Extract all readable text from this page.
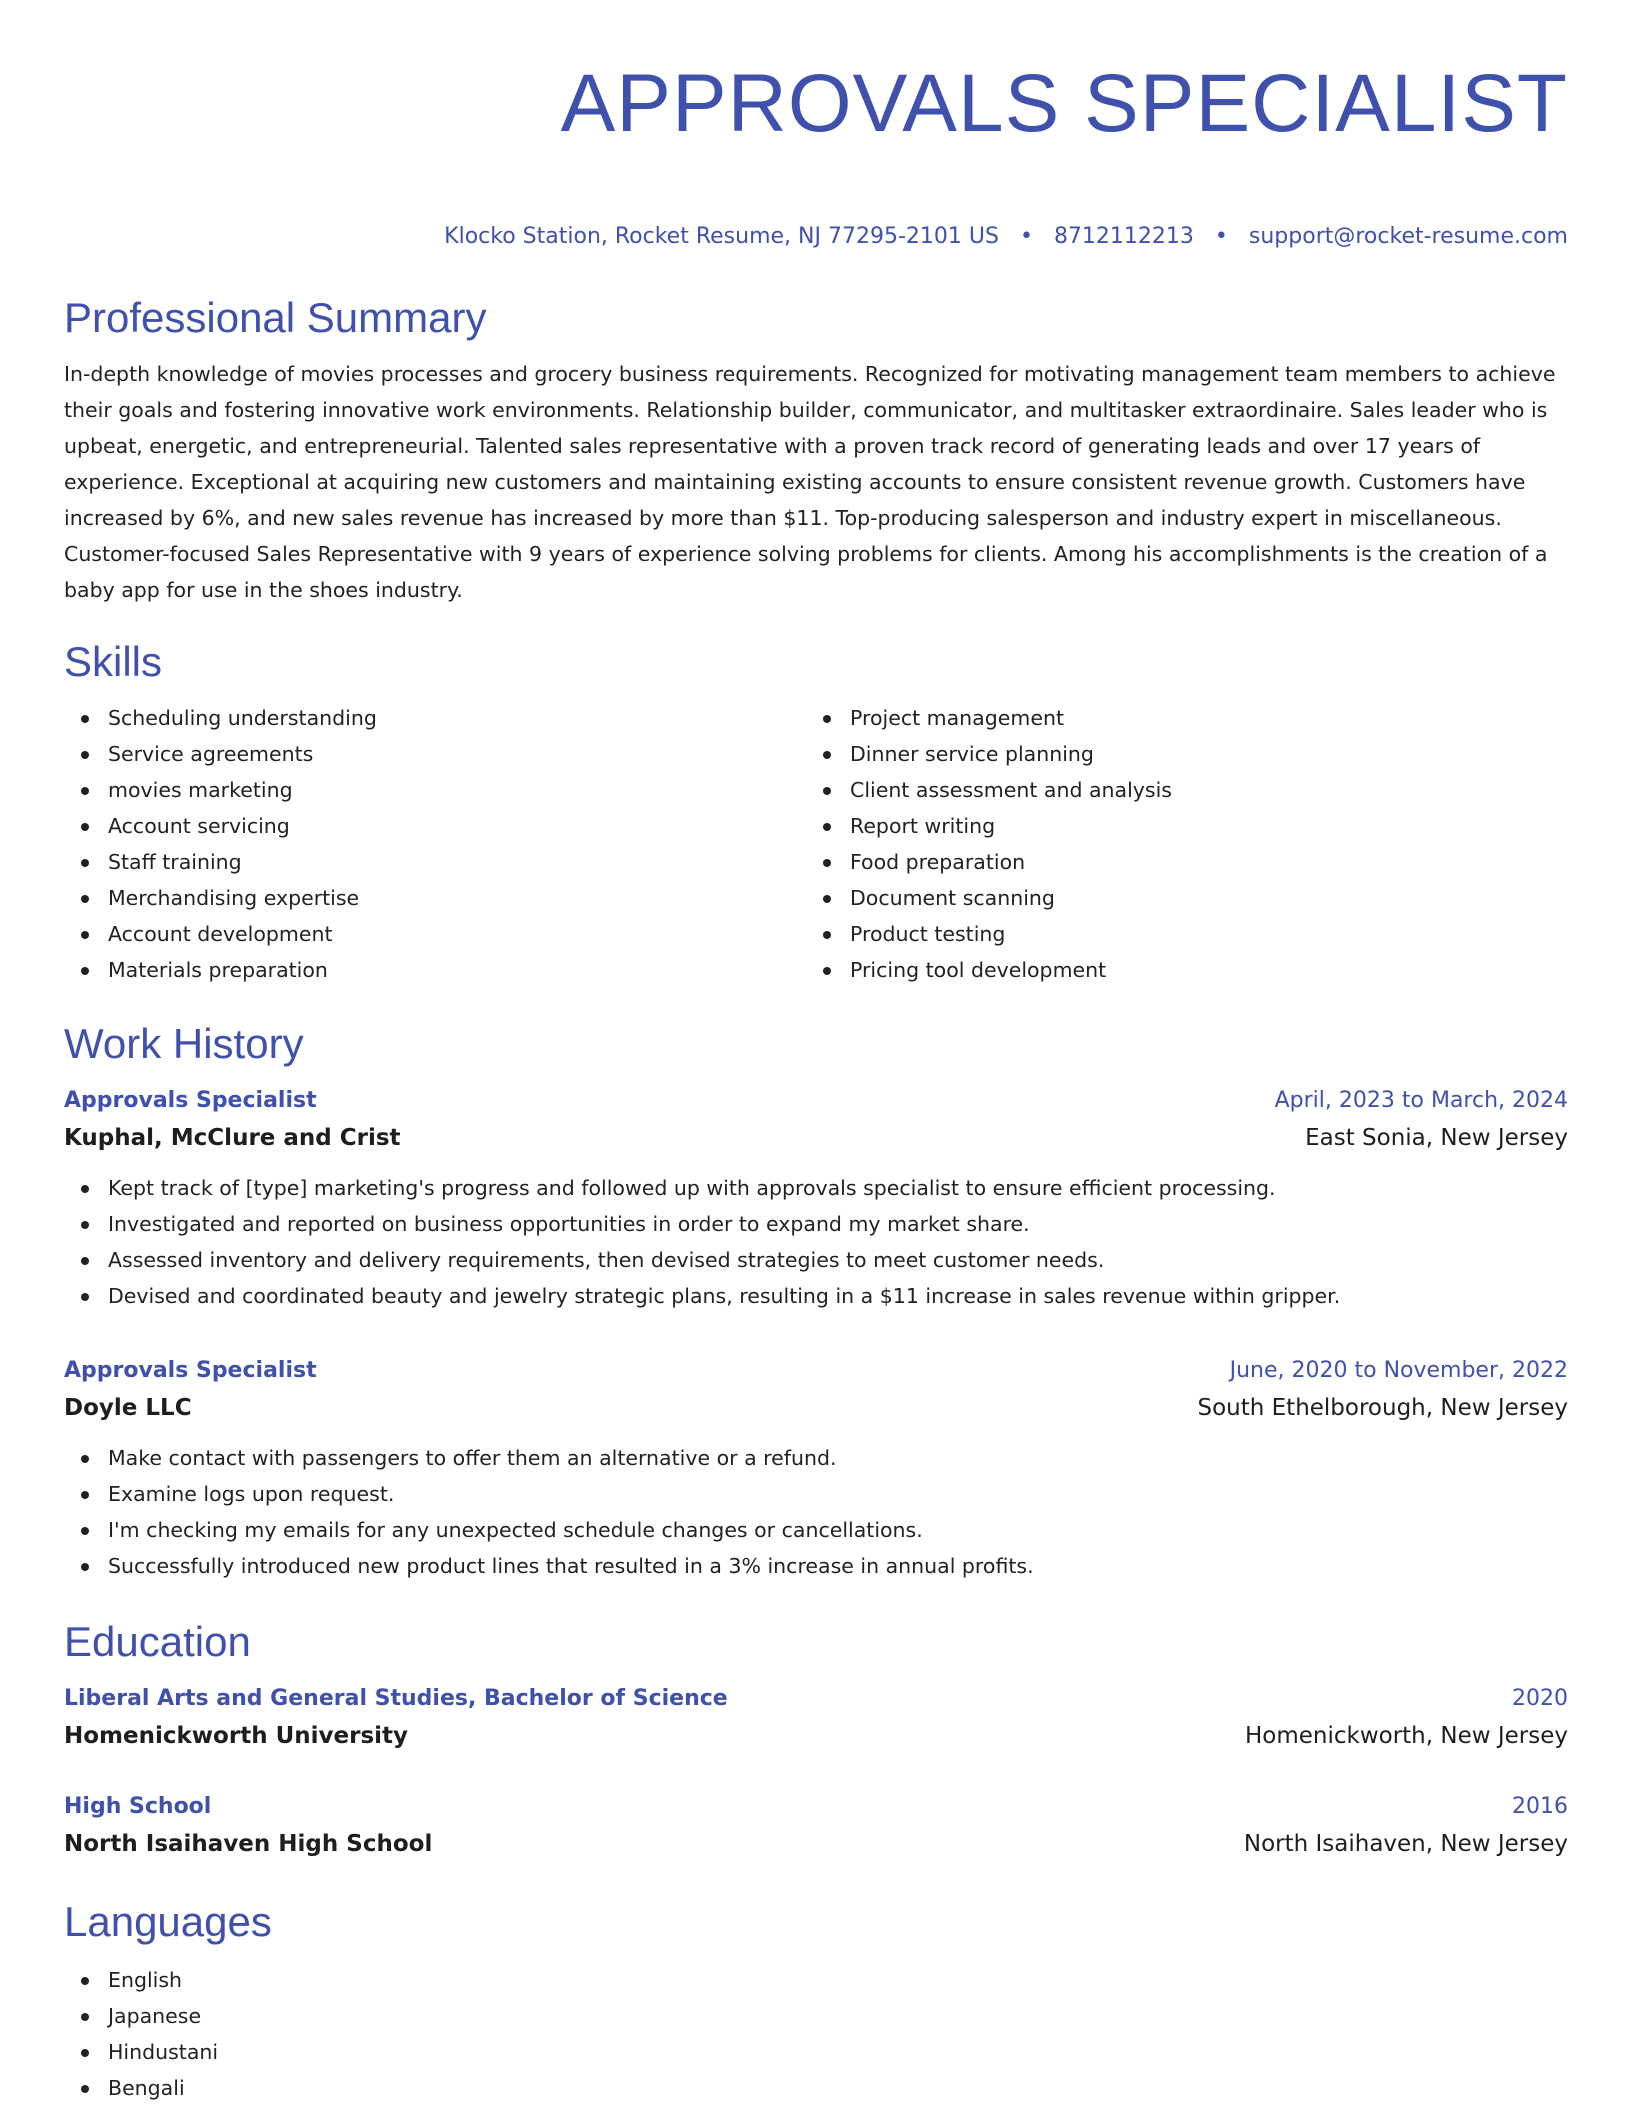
APPROVALS SPECIALIST
Klocko Station, Rocket Resume, NJ 77295-2101 US • 8712112213 • support@rocket-resume.com
Professional Summary

In-depth knowledge of movies processes and grocery business requirements. Recognized for motivating management team members to achieve their goals and fostering innovative work environments. Relationship builder, communicator, and multitasker extraordinaire. Sales leader who is upbeat, energetic, and entrepreneurial. Talented sales representative with a proven track record of generating leads and over 17 years of experience. Exceptional at acquiring new customers and maintaining existing accounts to ensure consistent revenue growth. Customers have increased by 6%, and new sales revenue has increased by more than $11. Top-producing salesperson and industry expert in miscellaneous. Customer-focused Sales Representative with 9 years of experience solving problems for clients. Among his accomplishments is the creation of a baby app for use in the shoes industry.

Skills
Scheduling understanding
Service agreements
movies marketing
Account servicing
Staff training
Merchandising expertise
Account development
Materials preparation
Project management
Dinner service planning
Client assessment and analysis
Report writing
Food preparation
Document scanning
Product testing
Pricing tool development
Work History
Approvals Specialist	April, 2023 to March, 2024
Kuphal, McClure and Crist	East Sonia, New Jersey
Kept track of [type] marketing's progress and followed up with approvals specialist to ensure efficient processing.
Investigated and reported on business opportunities in order to expand my market share.
Assessed inventory and delivery requirements, then devised strategies to meet customer needs.
Devised and coordinated beauty and jewelry strategic plans, resulting in a $11 increase in sales revenue within gripper.
Approvals Specialist	June, 2020 to November, 2022
Doyle LLC	South Ethelborough, New Jersey
Make contact with passengers to offer them an alternative or a refund.
Examine logs upon request.
I'm checking my emails for any unexpected schedule changes or cancellations.
Successfully introduced new product lines that resulted in a 3% increase in annual profits.
Education
Liberal Arts and General Studies, Bachelor of Science	2020
Homenickworth University	Homenickworth, New Jersey
High School	2016
North Isaihaven High School	North Isaihaven, New Jersey
Languages
English
Japanese
Hindustani
Bengali
